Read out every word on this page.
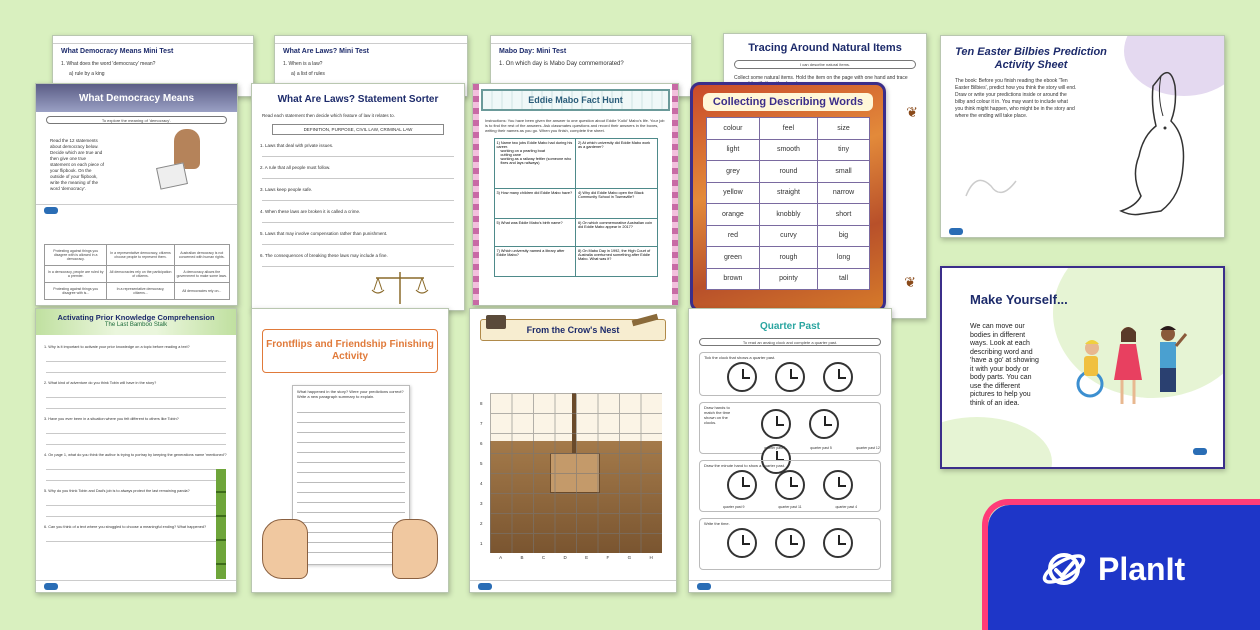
What Democracy Means Mini Test
1. What does the word 'democracy' mean?
a) rule by a king
What Are Laws? Mini Test
1. When is a law?
a) a list of rules
Mabo Day: Mini Test
1. On which day is Mabo Day commemorated?
Tracing Around Natural Items
I can describe natural items.
Collect some natural items. Hold the item on the page with one hand and trace
❦
❦
Ten Easter Bilbies Prediction Activity Sheet
The book: Before you finish reading the ebook 'Ten Easter Bilbies', predict how you think the story will end. Draw or write your predictions inside or around the bilby and colour it in. You may want to include what you think might happen, who might be in the story and where the ending will take place.
What Democracy Means
To explore the meaning of 'democracy'.
Read the 12 statements about democracy below. Decide which are true and then give one true statement on each piece of your flipbook. On the outside of your flipbook, write the meaning of the word 'democracy'.
Protesting against things you disagree with is allowed in a democracy.	In a representative democracy, citizens choose people to represent them.	Australian democracy is not concerned with human rights.
In a democracy, people are ruled by a premier.	All democracies rely on the participation of citizens.	A democracy allows the government to make some laws.
Protesting against things you disagree with is...	In a representative democracy, citizens...	All democracies rely on...
What Are Laws? Statement Sorter
Read each statement then decide which feature of law it relates to.
DEFINITION, PURPOSE, CIVIL LAW, CRIMINAL LAW
1. Laws that deal with private issues.
2. A rule that all people must follow.
3. Laws keep people safe.
4. When these laws are broken it is called a crime.
5. Laws that may involve compensation rather than punishment.
6. The consequences of breaking these laws may include a fine.
Eddie Mabo Fact Hunt
Instructions: You have been given the answer to one question about Eddie 'Koiki' Mabo's life. Your job is to find the rest of the answers. Ask classmates questions and record their answers in the boxes, writing their names as you go. When you finish, complete the sheet.
1) Name two jobs Eddie Mabo had during his career.
working on a pearling boat
cutting cane
working as a railway fettler (someone who fixes and lays railways)	2) At which university did Eddie Mabo work as a gardener?
3) How many children did Eddie Mabo have?	4) Why did Eddie Mabo open the Black Community School in Townsville?
5) What was Eddie Mabo's birth name?	6) On which commemorative Australian coin did Eddie Mabo appear in 2017?
7) Which university named a library after Eddie Mabo?	8) On Mabo Day in 1992, the High Court of Australia overturned something after Eddie Mabo. What was it?
Collecting Describing Words
colour	feel	size
light	smooth	tiny
grey	round	small
yellow	straight	narrow
orange	knobbly	short
red	curvy	big
green	rough	long
brown	pointy	tall
Make Yourself...
We can move our bodies in different ways. Look at each describing word and 'have a go' at showing it with your body or body parts. You can use the different pictures to help you think of an idea.
Activating Prior Knowledge Comprehension
The Last Bamboo Stalk
1. Why is it important to activate your prior knowledge on a topic before reading a text?
2. What kind of adventure do you think Tobin will have in the story?
3. Have you ever been in a situation where you felt different to others like Tobin?
4. On page 1, what do you think the author is trying to portray by keeping the generations name 'mentioned'?
5. Why do you think Tobin and Dad's job is to always protect the last remaining panda?
6. Can you think of a text where you struggled to choose a meaningful ending? What happened?
Frontflips and Friendship Finishing Activity
What happened in the story? Were your predictions correct?
Write a new paragraph summary to explain.
From the Crow's Nest
A	B	C	D	E	F	G	H
8
7
6
5
4
3
2
1
Quarter Past
To read an analog clock and complete a quarter past.
Tick the clock that shows a quarter past.
Draw hands to match the time shown on the clocks.
quarter past 1	quarter past 5	quarter past 12
Draw the minute hand to show a quarter past.
quarter past 9	quarter past 11	quarter past 4
Write the time.
PlanIt
